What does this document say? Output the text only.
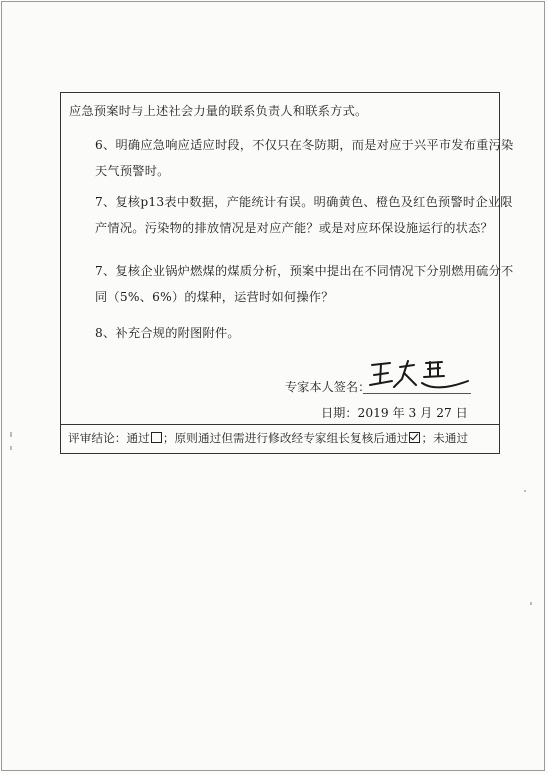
应急预案时与上述社会力量的联系负责人和联系方式。
6、明确应急响应适应时段，不仅只在冬防期，而是对应于兴平市发布重污染天气预警时。
7、复核p13表中数据，产能统计有误。明确黄色、橙色及红色预警时企业限产情况。污染物的排放情况是对应产能？或是对应环保设施运行的状态？
7、复核企业锅炉燃煤的煤质分析，预案中提出在不同情况下分别燃用硫分不同（5%、6%）的煤种，运营时如何操作？
8、补充合规的附图附件。
专家本人签名：
日期：2019 年 3 月 27 日
评审结论：通过 ；原则通过但需进行修改经专家组长复核后通过 ；未通过
